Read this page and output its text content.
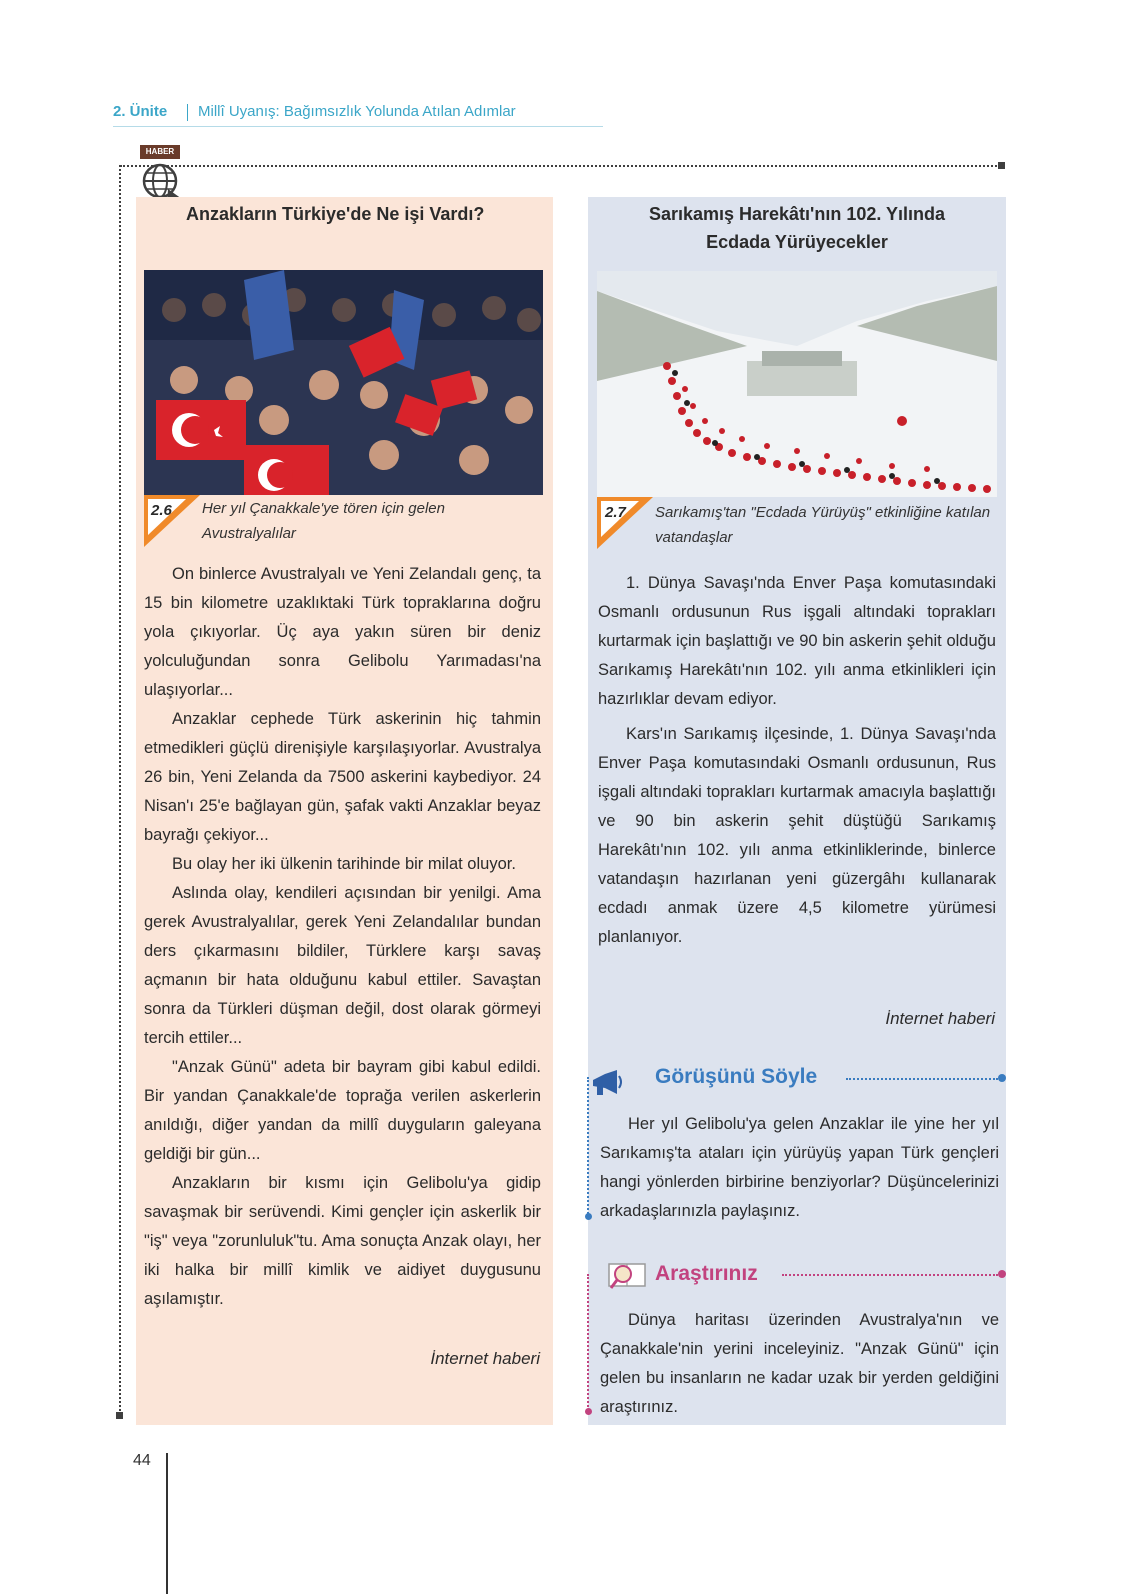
2. Ünite Millî Uyanış: Bağımsızlık Yolunda Atılan Adımlar
HABER
Anzakların Türkiye'de Ne işi Vardı?
2.6 Her yıl Çanakkale'ye tören için gelen Avustralyalılar

On binlerce Avustralyalı ve Yeni Zelandalı genç, ta 15 bin kilometre uzaklıktaki Türk topraklarına doğru yola çıkıyorlar. Üç aya yakın süren bir deniz yolculuğundan sonra Gelibolu Yarımadası'na ulaşıyorlar...

Anzaklar cephede Türk askerinin hiç tahmin etmedikleri güçlü direnişiyle karşılaşıyorlar. Avustralya 26 bin, Yeni Zelanda da 7500 askerini kaybediyor. 24 Nisan'ı 25'e bağlayan gün, şafak vakti Anzaklar beyaz bayrağı çekiyor...

Bu olay her iki ülkenin tarihinde bir milat oluyor.

Aslında olay, kendileri açısından bir yenilgi. Ama gerek Avustralyalılar, gerek Yeni Zelandalılar bundan ders çıkarmasını bildiler, Türklere karşı savaş açmanın bir hata olduğunu kabul ettiler. Savaştan sonra da Türkleri düşman değil, dost olarak görmeyi tercih ettiler...

"Anzak Günü" adeta bir bayram gibi kabul edildi. Bir yandan Çanakkale'de toprağa verilen askerlerin anıldığı, diğer yandan da millî duyguların galeyana geldiği bir gün...

Anzakların bir kısmı için Gelibolu'ya gidip savaşmak bir serüvendi. Kimi gençler için askerlik bir "iş" veya "zorunluluk"tu. Ama sonuçta Anzak olayı, her iki halka bir millî kimlik ve aidiyet duygusunu aşılamıştır.

İnternet haberi
Sarıkamış Harekâtı'nın 102. Yılında
Ecdada Yürüyecekler
2.7 Sarıkamış'tan "Ecdada Yürüyüş" etkinliğine katılan vatandaşlar

1. Dünya Savaşı'nda Enver Paşa komutasındaki Osmanlı ordusunun Rus işgali altındaki toprakları kurtarmak için başlattığı ve 90 bin askerin şehit olduğu Sarıkamış Harekâtı'nın 102. yılı anma etkinlikleri için hazırlıklar devam ediyor.

Kars'ın Sarıkamış ilçesinde, 1. Dünya Savaşı'nda Enver Paşa komutasındaki Osmanlı ordusunun, Rus işgali altındaki toprakları kurtarmak amacıyla başlattığı ve 90 bin askerin şehit düştüğü Sarıkamış Harekâtı'nın 102. yılı anma etkinliklerinde, binlerce vatandaşın hazırlanan yeni güzergâhı kullanarak ecdadı anmak üzere 4,5 kilometre yürümesi planlanıyor.

İnternet haberi
Görüşünü Söyle

Her yıl Gelibolu'ya gelen Anzaklar ile yine her yıl Sarıkamış'ta ataları için yürüyüş yapan Türk gençleri hangi yönlerden birbirine benziyorlar? Düşüncelerinizi arkadaşlarınızla paylaşınız.

Araştırınız

Dünya haritası üzerinden Avustralya'nın ve Çanakkale'nin yerini inceleyiniz. "Anzak Günü" için gelen bu insanların ne kadar uzak bir yerden geldiğini araştırınız.

44
